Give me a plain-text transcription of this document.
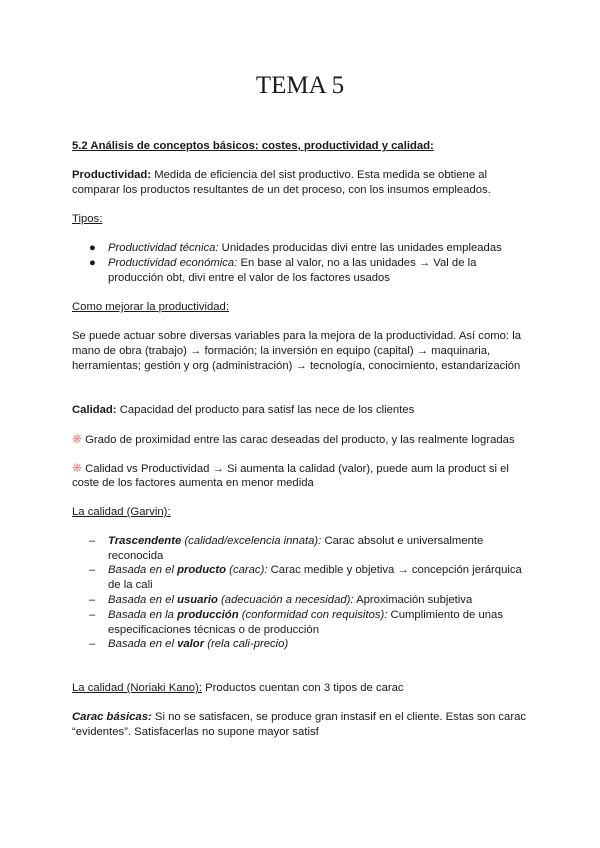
TEMA 5
5.2 Análisis de conceptos básicos: costes, productividad y calidad:
Productividad: Medida de eficiencia del sist productivo. Esta medida se obtiene al
comparar los productos resultantes de un det proceso, con los insumos empleados.
Tipos:
● Productividad técnica: Unidades producidas divi entre las unidades empleadas
● Productividad económica: En base al valor, no a las unidades → Val de la
producción obt, divi entre el valor de los factores usados
Como mejorar la productividad:
Se puede actuar sobre diversas variables para la mejora de la productividad. Así como: la
mano de obra (trabajo) → formación; la inversión en equipo (capital) → maquinaria,
herramientas; gestión y org (administración) → tecnología, conocimiento, estandarización
Calidad: Capacidad del producto para satisf las nece de los clientes
❋ Grado de proximidad entre las carac deseadas del producto, y las realmente logradas
❋ Calidad vs Productividad → Si aumenta la calidad (valor), puede aum la product si el
coste de los factores aumenta en menor medida
La calidad (Garvin):
– Trascendente (calidad/excelencia innata): Carac absolut e universalmente
reconocida
– Basada en el producto (carac): Carac medible y objetiva → concepción jerárquica
de la cali
– Basada en el usuario (adecuación a necesidad): Aproximación subjetiva
– Basada en la producción (conformidad con requisitos): Cumplimiento de unas
especificaciones técnicas o de producción
– Basada en el valor (rela cali-precio)
La calidad (Noriaki Kano): Productos cuentan con 3 tipos de carac
Carac básicas: Si no se satisfacen, se produce gran instasif en el cliente. Estas son carac
“evidentes”. Satisfacerlas no supone mayor satisf
